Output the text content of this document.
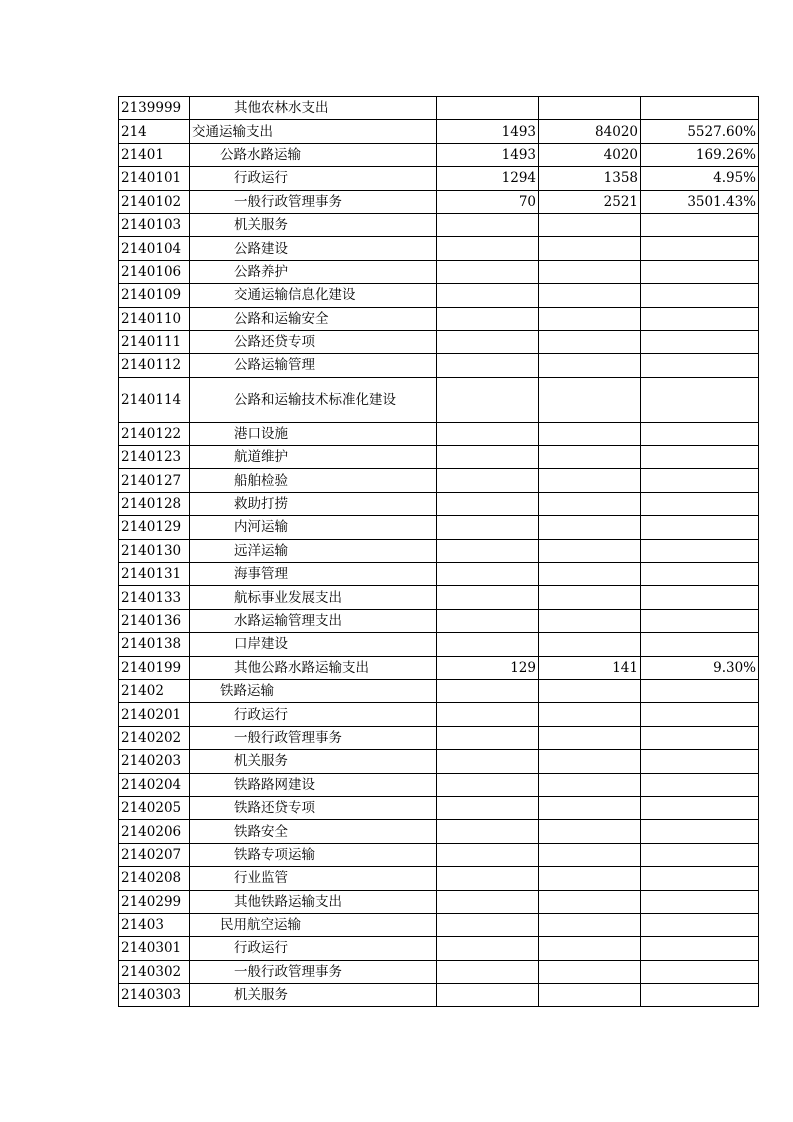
2139999	其他农林水支出			
214	交通运输支出	1493	84020	5527.60%
21401	公路水路运输	1493	4020	169.26%
2140101	行政运行	1294	1358	4.95%
2140102	一般行政管理事务	70	2521	3501.43%
2140103	机关服务			
2140104	公路建设			
2140106	公路养护			
2140109	交通运输信息化建设			
2140110	公路和运输安全			
2140111	公路还贷专项			
2140112	公路运输管理			
2140114	公路和运输技术标准化建设			
2140122	港口设施			
2140123	航道维护			
2140127	船舶检验			
2140128	救助打捞			
2140129	内河运输			
2140130	远洋运输			
2140131	海事管理			
2140133	航标事业发展支出			
2140136	水路运输管理支出			
2140138	口岸建设			
2140199	其他公路水路运输支出	129	141	9.30%
21402	铁路运输			
2140201	行政运行			
2140202	一般行政管理事务			
2140203	机关服务			
2140204	铁路路网建设			
2140205	铁路还贷专项			
2140206	铁路安全			
2140207	铁路专项运输			
2140208	行业监管			
2140299	其他铁路运输支出			
21403	民用航空运输			
2140301	行政运行			
2140302	一般行政管理事务			
2140303	机关服务			
